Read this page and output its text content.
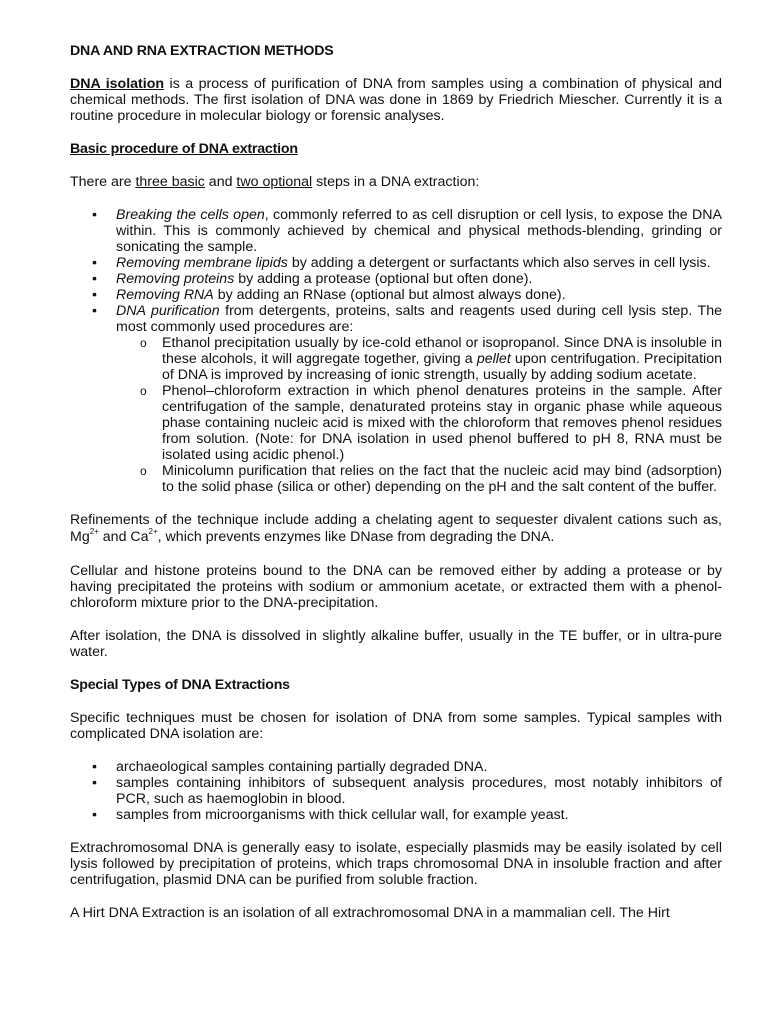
DNA AND RNA EXTRACTION METHODS

DNA isolation is a process of purification of DNA from samples using a combination of physical and chemical methods. The first isolation of DNA was done in 1869 by Friedrich Miescher. Currently it is a routine procedure in molecular biology or forensic analyses.

Basic procedure of DNA extraction

There are three basic and two optional steps in a DNA extraction:

• Breaking the cells open, commonly referred to as cell disruption or cell lysis, to expose the DNA within. This is commonly achieved by chemical and physical methods-blending, grinding or sonicating the sample.
• Removing membrane lipids by adding a detergent or surfactants which also serves in cell lysis.
• Removing proteins by adding a protease (optional but often done).
• Removing RNA by adding an RNase (optional but almost always done).
• DNA purification from detergents, proteins, salts and reagents used during cell lysis step. The most commonly used procedures are:
o Ethanol precipitation usually by ice-cold ethanol or isopropanol. Since DNA is insoluble in these alcohols, it will aggregate together, giving a pellet upon centrifugation. Precipitation of DNA is improved by increasing of ionic strength, usually by adding sodium acetate.
o Phenol–chloroform extraction in which phenol denatures proteins in the sample. After centrifugation of the sample, denaturated proteins stay in organic phase while aqueous phase containing nucleic acid is mixed with the chloroform that removes phenol residues from solution. (Note: for DNA isolation in used phenol buffered to pH 8, RNA must be isolated using acidic phenol.)
o Minicolumn purification that relies on the fact that the nucleic acid may bind (adsorption) to the solid phase (silica or other) depending on the pH and the salt content of the buffer.

Refinements of the technique include adding a chelating agent to sequester divalent cations such as, $Mg^{2+}$ and $Ca^{2+}$, which prevents enzymes like DNase from degrading the DNA.

Cellular and histone proteins bound to the DNA can be removed either by adding a protease or by having precipitated the proteins with sodium or ammonium acetate, or extracted them with a phenol-chloroform mixture prior to the DNA-precipitation.

After isolation, the DNA is dissolved in slightly alkaline buffer, usually in the TE buffer, or in ultra-pure water.

Special Types of DNA Extractions

Specific techniques must be chosen for isolation of DNA from some samples. Typical samples with complicated DNA isolation are:

• archaeological samples containing partially degraded DNA.
• samples containing inhibitors of subsequent analysis procedures, most notably inhibitors of PCR, such as haemoglobin in blood.
• samples from microorganisms with thick cellular wall, for example yeast.

Extrachromosomal DNA is generally easy to isolate, especially plasmids may be easily isolated by cell lysis followed by precipitation of proteins, which traps chromosomal DNA in insoluble fraction and after centrifugation, plasmid DNA can be purified from soluble fraction.

A Hirt DNA Extraction is an isolation of all extrachromosomal DNA in a mammalian cell. The Hirt
